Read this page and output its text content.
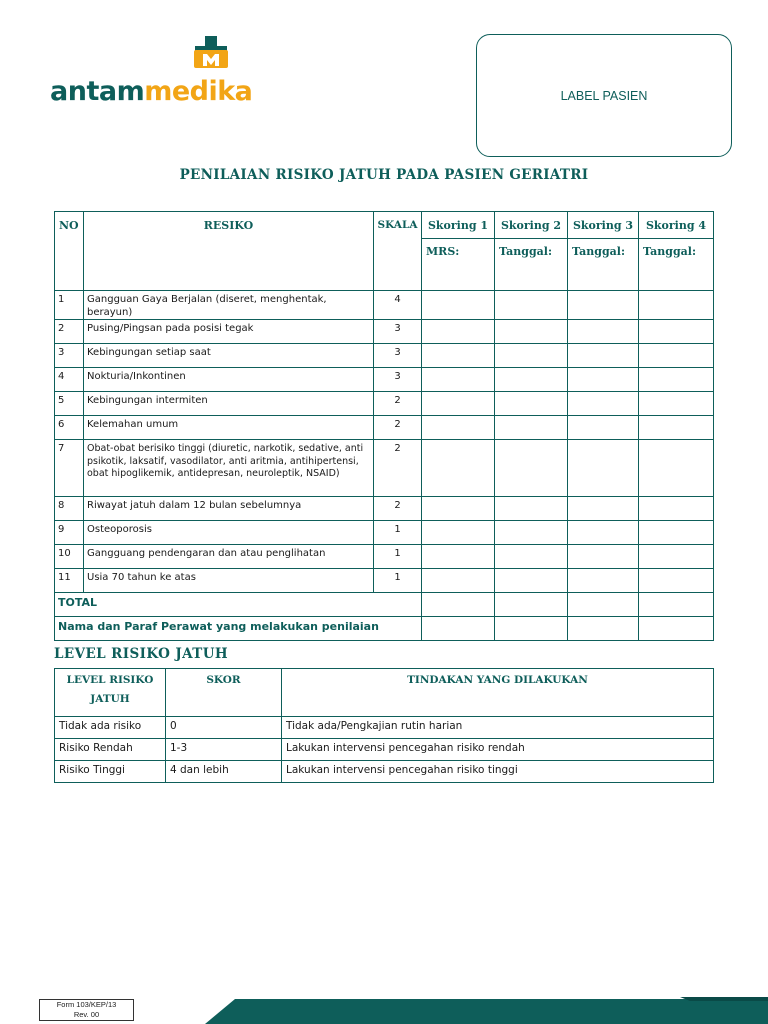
antammedika	LABEL PASIEN
PENILAIAN RISIKO JATUH PADA PASIEN GERIATRI
NO	RESIKO	SKALA	Skoring 1	Skoring 2	Skoring 3	Skoring 4
			MRS:	Tanggal:	Tanggal:	Tanggal:
1	Gangguan Gaya Berjalan (diseret, menghentak, berayun)	4				
2	Pusing/Pingsan pada posisi tegak	3				
3	Kebingungan setiap saat	3				
4	Nokturia/Inkontinen	3				
5	Kebingungan intermiten	2				
6	Kelemahan umum	2				
7	Obat-obat berisiko tinggi (diuretic, narkotik, sedative, anti psikotik, laksatif, vasodilator, anti aritmia, antihipertensi, obat hipoglikemik, antidepresan, neuroleptik, NSAID)	2				
8	Riwayat jatuh dalam 12 bulan sebelumnya	2				
9	Osteoporosis	1				
10	Gangguang pendengaran dan atau penglihatan	1				
11	Usia 70 tahun ke atas	1				
TOTAL						
Nama dan Paraf Perawat yang melakukan penilaian						
LEVEL RISIKO JATUH
LEVEL RISIKO JATUH	SKOR	TINDAKAN YANG DILAKUKAN
Tidak ada risiko	0	Tidak ada/Pengkajian rutin harian
Risiko Rendah	1-3	Lakukan intervensi pencegahan risiko rendah
Risiko Tinggi	4 dan lebih	Lakukan intervensi pencegahan risiko tinggi
Form 103/KEP/13
Rev. 00
